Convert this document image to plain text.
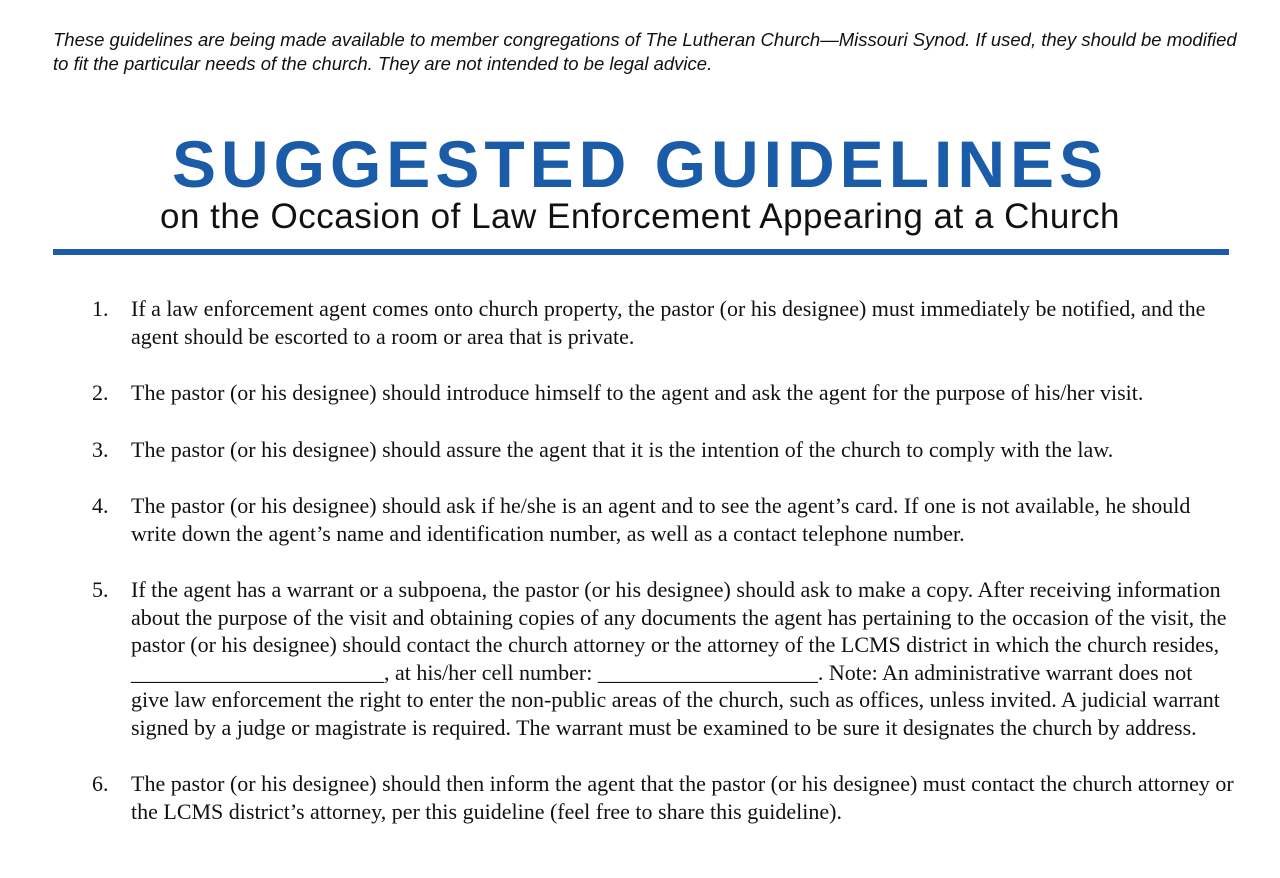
These guidelines are being made available to member congregations of The Lutheran Church—Missouri Synod. If used, they should be modified to fit the particular needs of the church. They are not intended to be legal advice.
SUGGESTED GUIDELINES
on the Occasion of Law Enforcement Appearing at a Church
1. If a law enforcement agent comes onto church property, the pastor (or his designee) must immediately be notified, and the agent should be escorted to a room or area that is private.
2. The pastor (or his designee) should introduce himself to the agent and ask the agent for the purpose of his/her visit.
3. The pastor (or his designee) should assure the agent that it is the intention of the church to comply with the law.
4. The pastor (or his designee) should ask if he/she is an agent and to see the agent’s card. If one is not available, he should write down the agent’s name and identification number, as well as a contact telephone number.
5. If the agent has a warrant or a subpoena, the pastor (or his designee) should ask to make a copy. After receiving information about the purpose of the visit and obtaining copies of any documents the agent has pertaining to the occasion of the visit, the pastor (or his designee) should contact the church attorney or the attorney of the LCMS district in which the church resides, _______________________, at his/her cell number: ____________________. Note: An administrative warrant does not give law enforcement the right to enter the non-public areas of the church, such as offices, unless invited. A judicial warrant signed by a judge or magistrate is required. The warrant must be examined to be sure it designates the church by address.
6. The pastor (or his designee) should then inform the agent that the pastor (or his designee) must contact the church attorney or the LCMS district’s attorney, per this guideline (feel free to share this guideline).
